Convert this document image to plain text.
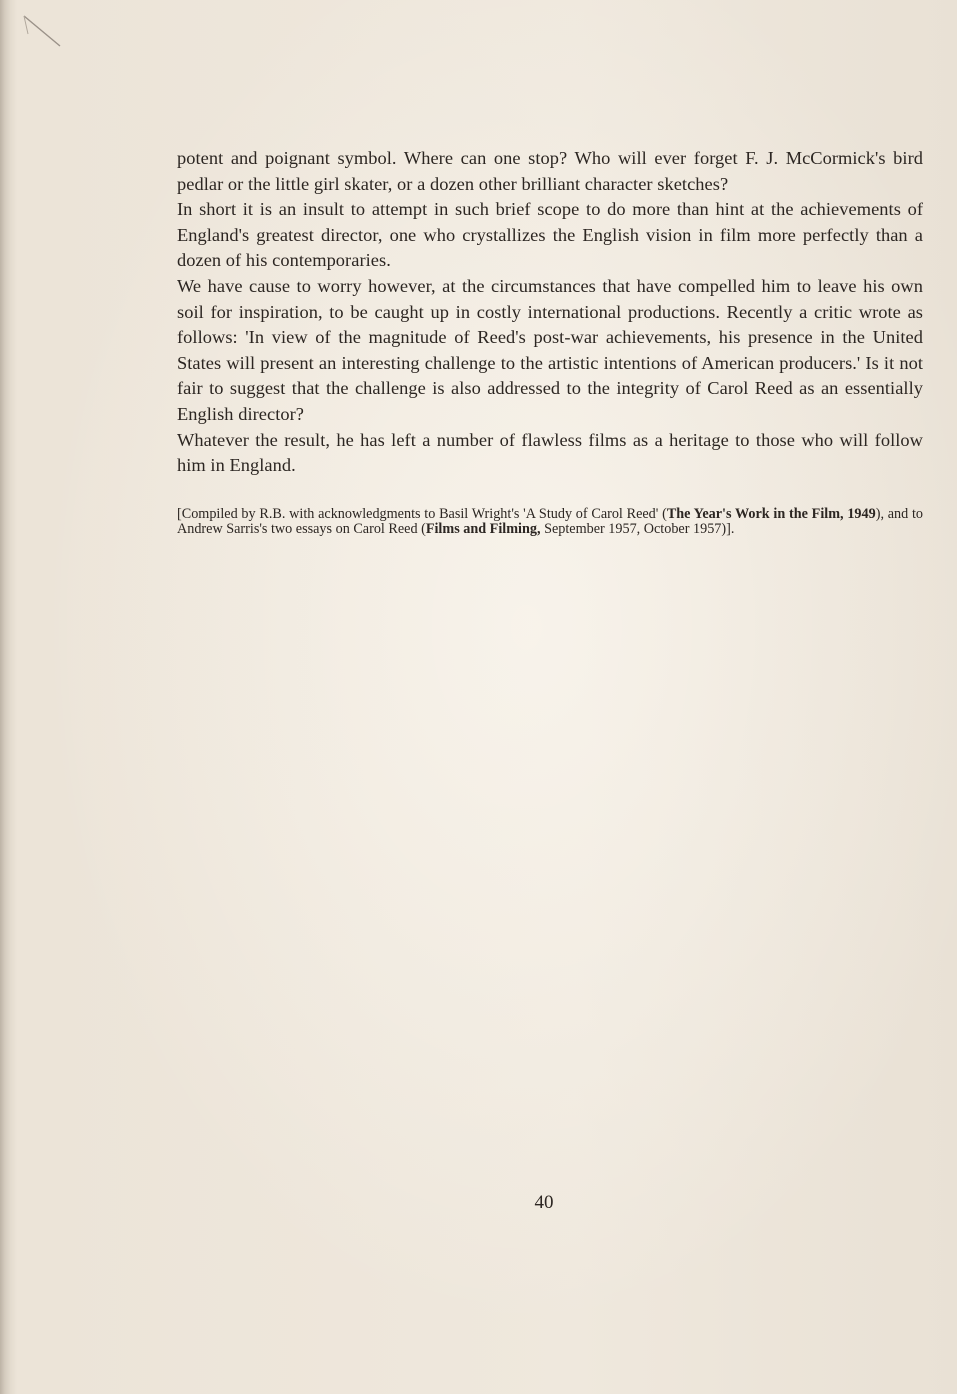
potent and poignant symbol. Where can one stop? Who will ever forget F. J. McCormick's bird pedlar or the little girl skater, or a dozen other brilliant character sketches?

In short it is an insult to attempt in such brief scope to do more than hint at the achievements of England's greatest director, one who crystallizes the English vision in film more perfectly than a dozen of his contemporaries.

We have cause to worry however, at the circumstances that have compelled him to leave his own soil for inspiration, to be caught up in costly international productions. Recently a critic wrote as follows: 'In view of the magnitude of Reed's post-war achievements, his presence in the United States will present an interesting challenge to the artistic intentions of American producers.' Is it not fair to suggest that the challenge is also addressed to the integrity of Carol Reed as an essentially English director?

Whatever the result, he has left a number of flawless films as a heritage to those who will follow him in England.

[Compiled by R.B. with acknowledgments to Basil Wright's 'A Study of Carol Reed' (The Year's Work in the Film, 1949), and to Andrew Sarris's two essays on Carol Reed (Films and Filming, September 1957, October 1957)].

40
